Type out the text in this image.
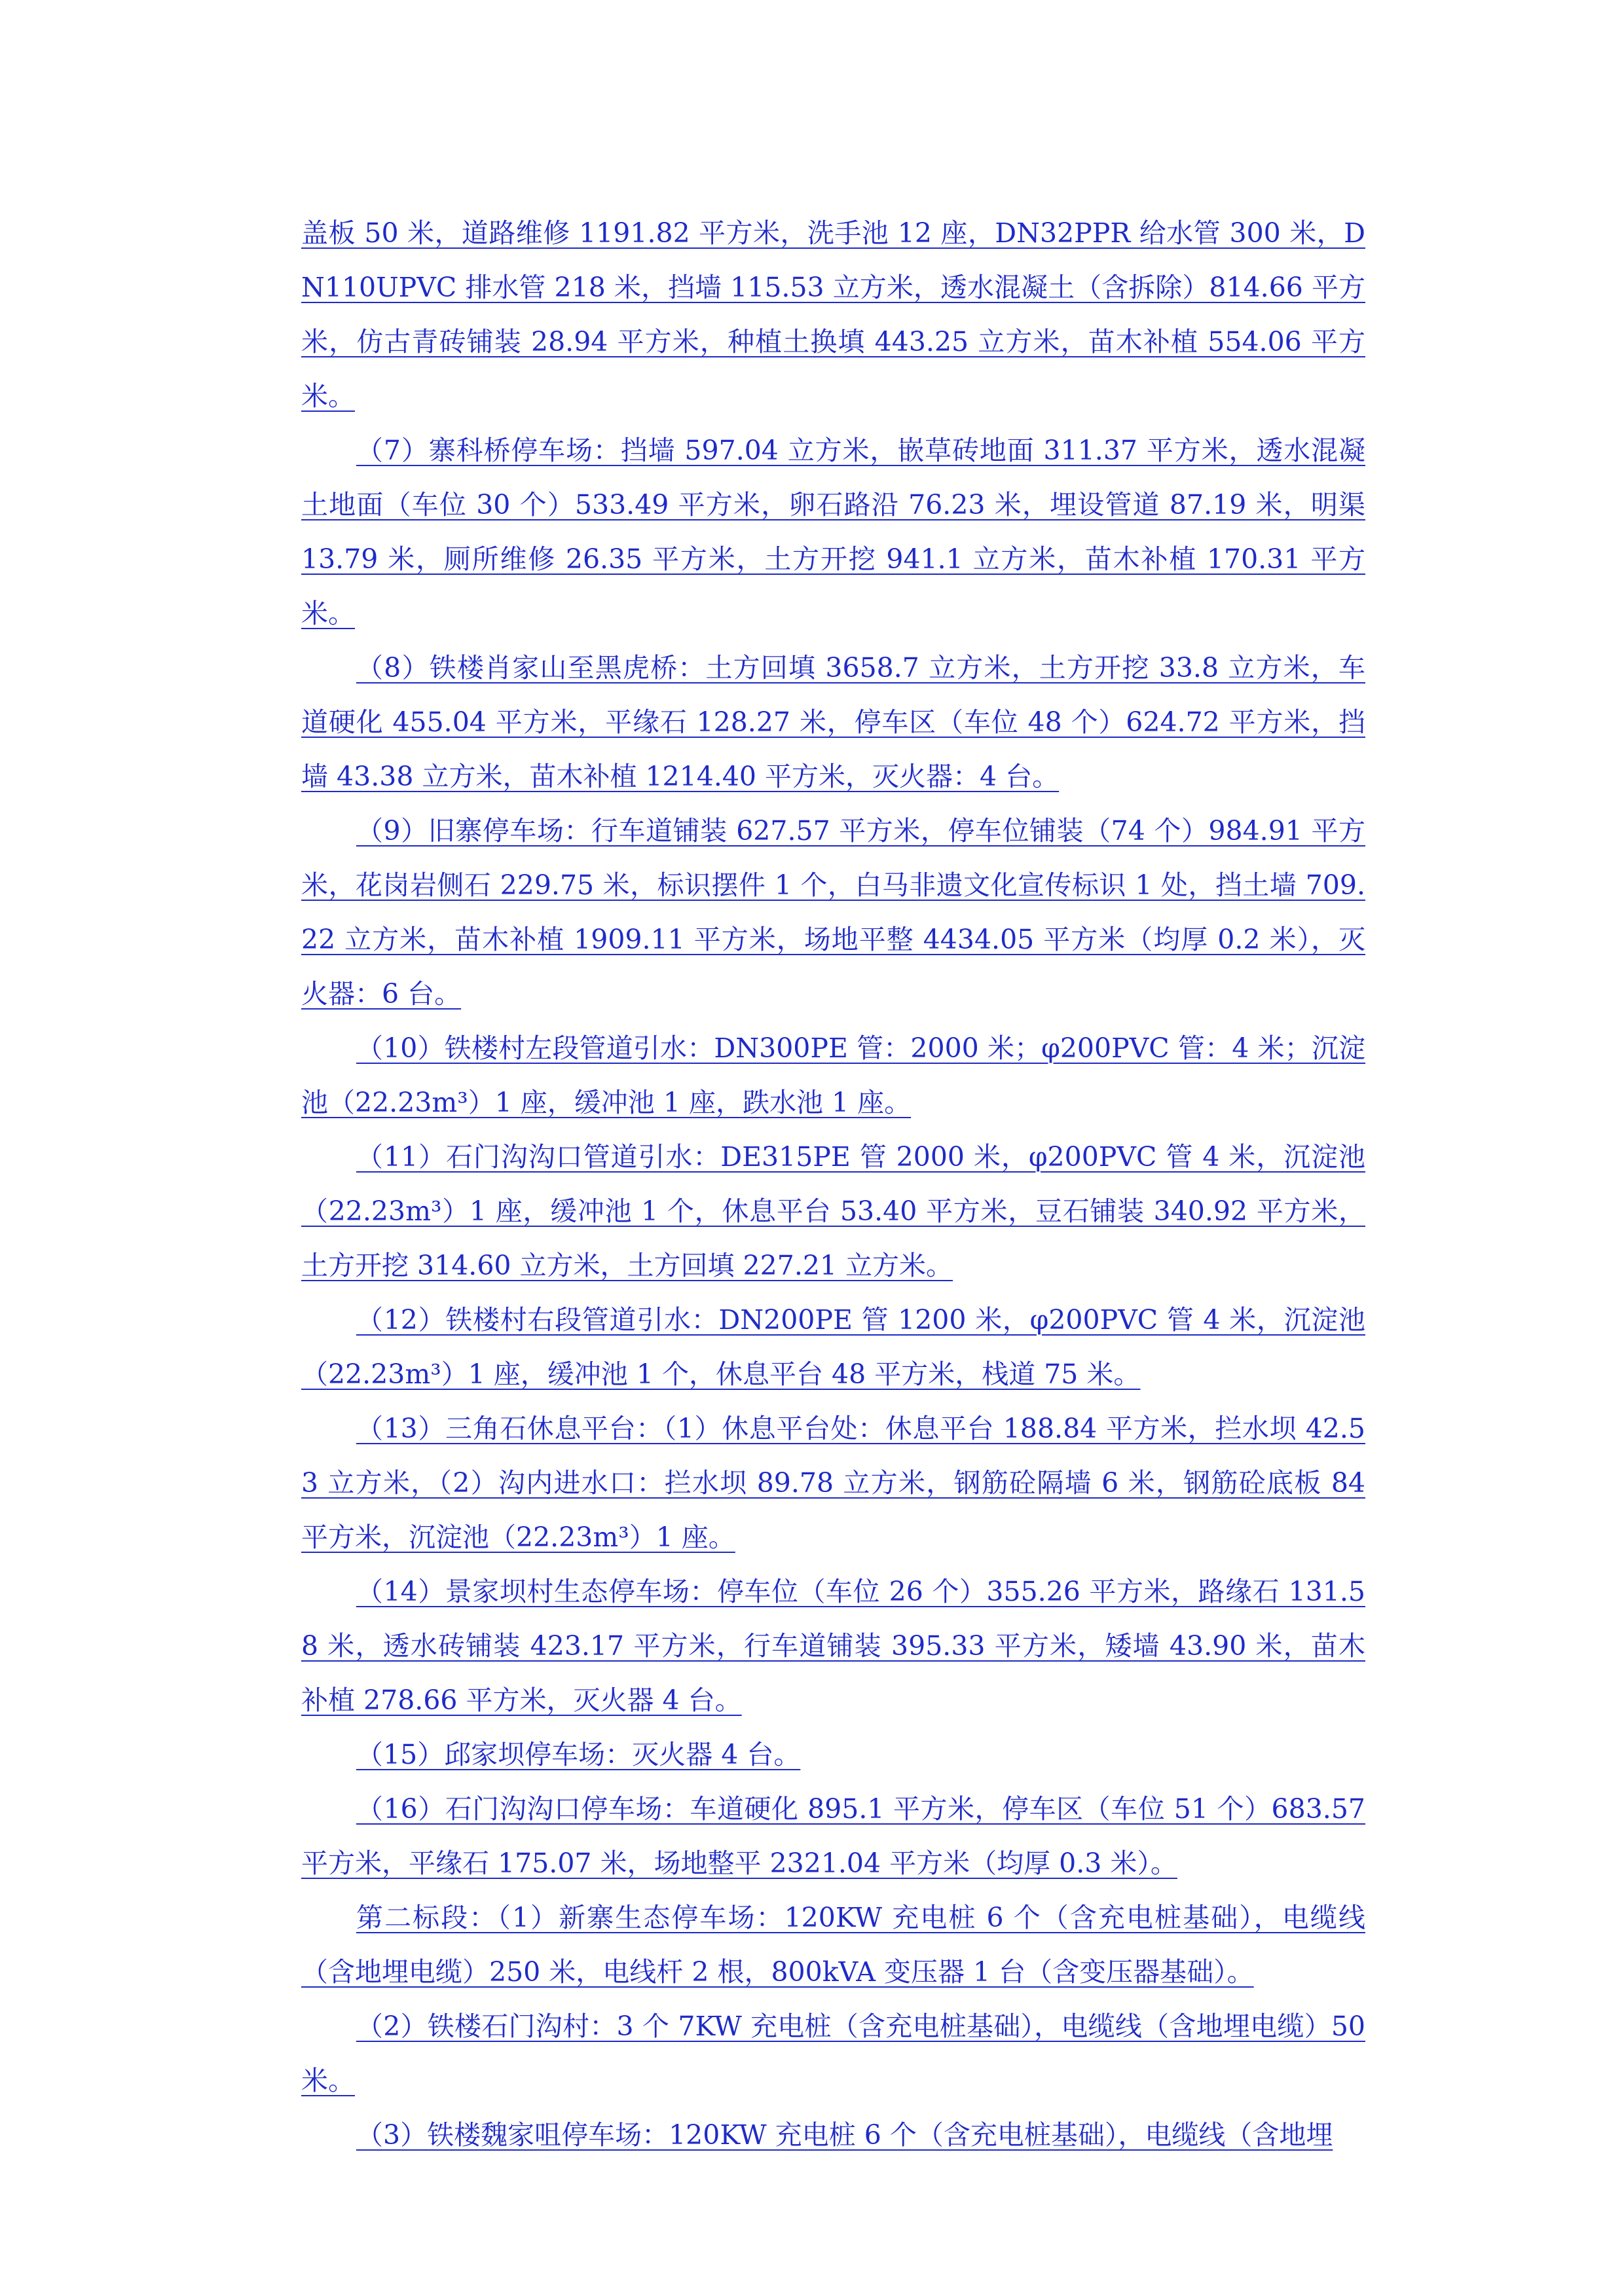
盖板 50 米，道路维修 1191.82 平方米，洗手池 12 座，DN32PPR 给水管 300 米，DN110UPVC 排水管 218 米，挡墙 115.53 立方米，透水混凝土（含拆除）814.66 平方米，仿古青砖铺装 28.94 平方米，种植土换填 443.25 立方米，苗木补植 554.06 平方米。

（7）寨科桥停车场：挡墙 597.04 立方米，嵌草砖地面 311.37 平方米，透水混凝土地面（车位 30 个）533.49 平方米，卵石路沿 76.23 米，埋设管道 87.19 米，明渠 13.79 米，厕所维修 26.35 平方米，土方开挖 941.1 立方米，苗木补植 170.31 平方米。

（8）铁楼肖家山至黑虎桥：土方回填 3658.7 立方米，土方开挖 33.8 立方米，车道硬化 455.04 平方米，平缘石 128.27 米，停车区（车位 48 个）624.72 平方米，挡墙 43.38 立方米，苗木补植 1214.40 平方米，灭火器：4 台。

（9）旧寨停车场：行车道铺装 627.57 平方米，停车位铺装（74 个）984.91 平方米，花岗岩侧石 229.75 米，标识摆件 1 个，白马非遗文化宣传标识 1 处，挡土墙 709.22 立方米，苗木补植 1909.11 平方米，场地平整 4434.05 平方米（均厚 0.2 米），灭火器：6 台。

（10）铁楼村左段管道引水：DN300PE 管：2000 米；φ200PVC 管：4 米；沉淀池（22.23m³）1 座，缓冲池 1 座，跌水池 1 座。

（11）石门沟沟口管道引水：DE315PE 管 2000 米，φ200PVC 管 4 米，沉淀池（22.23m³）1 座，缓冲池 1 个，休息平台 53.40 平方米，豆石铺装 340.92 平方米，土方开挖 314.60 立方米，土方回填 227.21 立方米。

（12）铁楼村右段管道引水：DN200PE 管 1200 米，φ200PVC 管 4 米，沉淀池（22.23m³）1 座，缓冲池 1 个，休息平台 48 平方米，栈道 75 米。

（13）三角石休息平台：（1）休息平台处：休息平台 188.84 平方米，拦水坝 42.53 立方米，（2）沟内进水口：拦水坝 89.78 立方米，钢筋砼隔墙 6 米，钢筋砼底板 84 平方米，沉淀池（22.23m³）1 座。

（14）景家坝村生态停车场：停车位（车位 26 个）355.26 平方米，路缘石 131.58 米，透水砖铺装 423.17 平方米，行车道铺装 395.33 平方米，矮墙 43.90 米，苗木补植 278.66 平方米，灭火器 4 台。

（15）邱家坝停车场：灭火器 4 台。

（16）石门沟沟口停车场：车道硬化 895.1 平方米，停车区（车位 51 个）683.57 平方米，平缘石 175.07 米，场地整平 2321.04 平方米（均厚 0.3 米）。

第二标段：（1）新寨生态停车场：120KW 充电桩 6 个（含充电桩基础），电缆线（含地埋电缆）250 米，电线杆 2 根，800kVA 变压器 1 台（含变压器基础）。

（2）铁楼石门沟村：3 个 7KW 充电桩（含充电桩基础），电缆线（含地埋电缆）50 米。

（3）铁楼魏家咀停车场：120KW 充电桩 6 个（含充电桩基础），电缆线（含地埋
